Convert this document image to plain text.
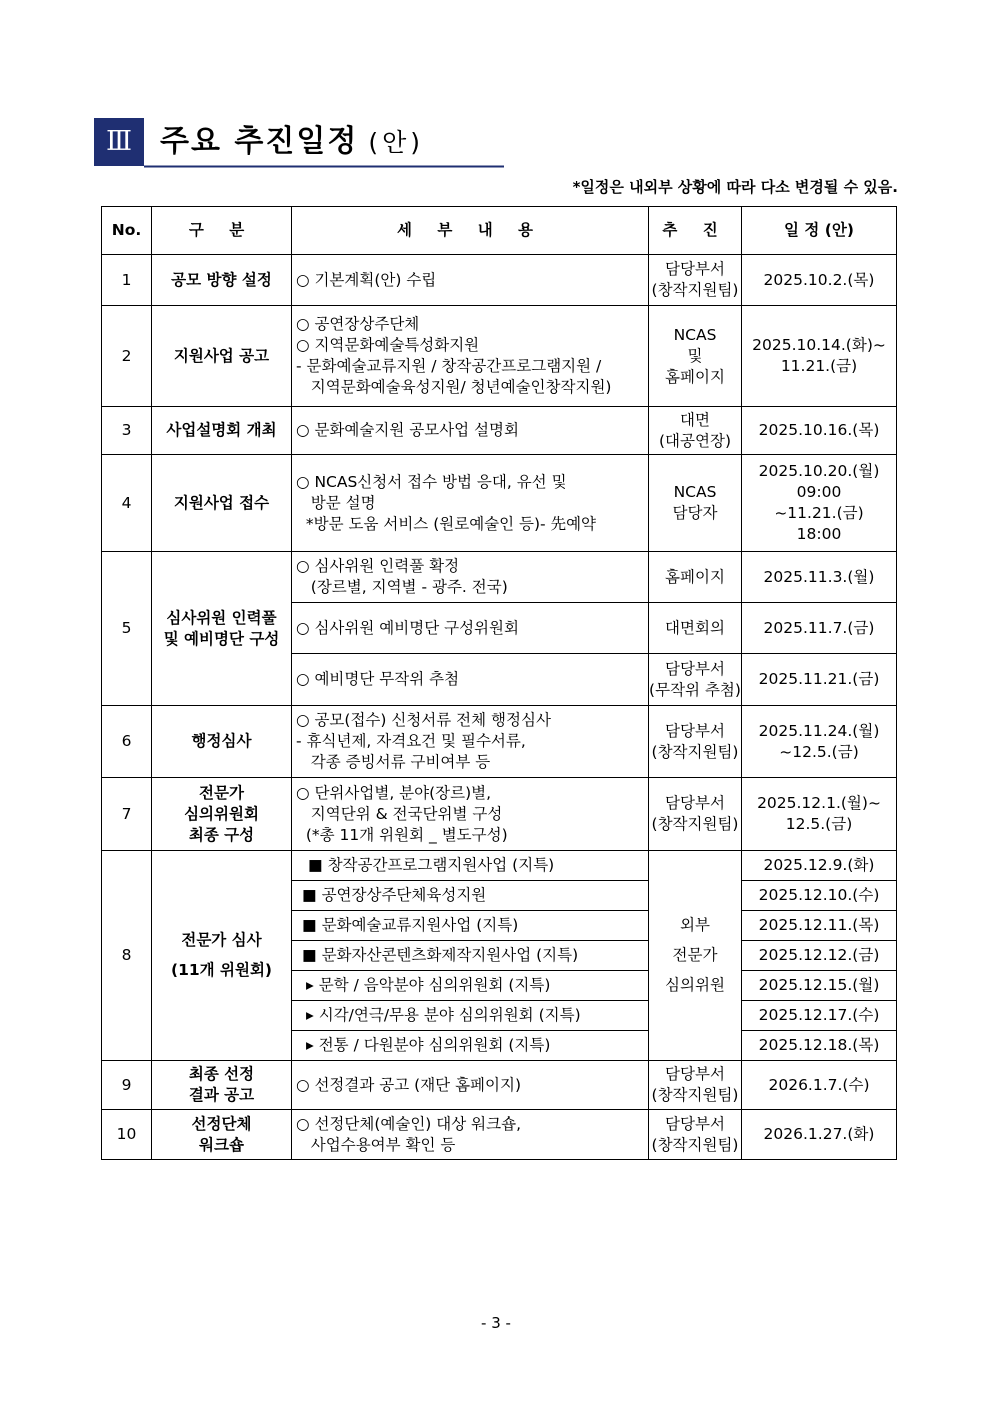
Ⅲ 주요 추진일정 (안)
*일정은 내외부 상황에 따라 다소 변경될 수 있음.
No.	구 분	세 부 내 용	추 진	일 정 (안)
1	공모 방향 설정	○ 기본계획(안) 수립	담당부서
(창작지원팀)	2025.10.2.(목)
2	지원사업 공고	○ 공연장상주단체
○ 지역문화예술특성화지원
- 문화예술교류지원 / 창작공간프로그램지원 /
지역문화예술육성지원/ 청년예술인창작지원)	NCAS
및
홈페이지	2025.10.14.(화)~
11.21.(금)

3	사업설명회 개최	○ 문화예술지원 공모사업 설명회	대면
(대공연장)	2025.10.16.(목)
4	지원사업 접수	○ NCAS신청서 접수 방법 응대, 유선 및
방문 설명
*방문 도움 서비스 (원로예술인 등)- 先예약	NCAS
담당자	2025.10.20.(월)
09:00
~11.21.(금)
18:00

5	심사위원 인력풀
및 예비명단 구성	○ 심사위원 인력풀 확정
(장르별, 지역별 - 광주. 전국)	홈페이지	2025.11.3.(월)

		○ 심사위원 예비명단 구성위원회	대면회의	2025.11.7.(금)

		○ 예비명단 무작위 추첨	담당부서
(무작위 추첨)	2025.11.21.(금)
6	행정심사	○ 공모(접수) 신청서류 전체 행정심사
- 휴식년제, 자격요건 및 필수서류,
각종 증빙서류 구비여부 등	담당부서
(창작지원팀)	2025.11.24.(월)
~12.5.(금)

7	전문가
심의위원회
최종 구성	○ 단위사업별, 분야(장르)별,
지역단위 & 전국단위별 구성
(*총 11개 위원회 _ 별도구성)	담당부서
(창작지원팀)	2025.12.1.(월)~
12.5.(금)

8	전문가 심사
(11개 위원회)	■ 창작공간프로그램지원사업 (지특)	외부
전문가
심의위원	2025.12.9.(화)

		■ 공연장상주단체육성지원		2025.12.10.(수)

		■ 문화예술교류지원사업 (지특)		2025.12.11.(목)

		■ 문화자산콘텐츠화제작지원사업 (지특)		2025.12.12.(금)

		▸ 문학 / 음악분야 심의위원회 (지특)		2025.12.15.(월)

		▸ 시각/연극/무용 분야 심의위원회 (지특)		2025.12.17.(수)

		▸ 전통 / 다원분야 심의위원회 (지특)		2025.12.18.(목)
9	최종 선정
결과 공고	○ 선정결과 공고 (재단 홈페이지)	담당부서
(창작지원팀)	2026.1.7.(수)
10	선정단체
워크숍	○ 선정단체(예술인) 대상 워크숍,
사업수용여부 확인 등	담당부서
(창작지원팀)	2026.1.27.(화)
- 3 -
